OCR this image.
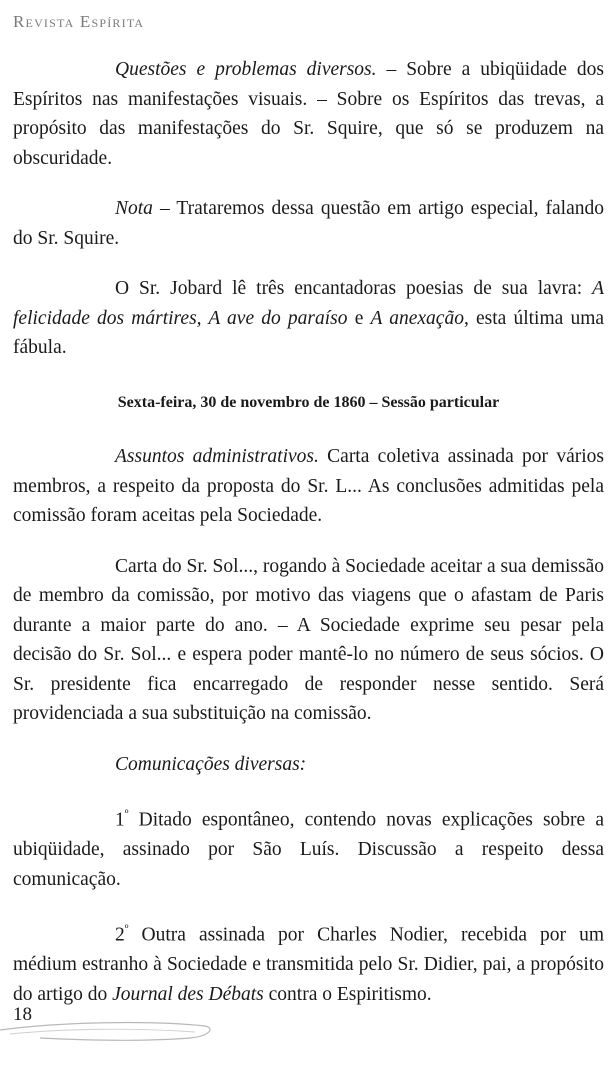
Revista Espírita

Questões e problemas diversos. – Sobre a ubiqüidade dos Espíritos nas manifestações visuais. – Sobre os Espíritos das trevas, a propósito das manifestações do Sr. Squire, que só se produzem na obscuridade.

Nota – Trataremos dessa questão em artigo especial, falando do Sr. Squire.

O Sr. Jobard lê três encantadoras poesias de sua lavra: A felicidade dos mártires, A ave do paraíso e A anexação, esta última uma fábula.

Sexta-feira, 30 de novembro de 1860 – Sessão particular

Assuntos administrativos. Carta coletiva assinada por vários membros, a respeito da proposta do Sr. L... As conclusões admitidas pela comissão foram aceitas pela Sociedade.

Carta do Sr. Sol..., rogando à Sociedade aceitar a sua demissão de membro da comissão, por motivo das viagens que o afastam de Paris durante a maior parte do ano. – A Sociedade exprime seu pesar pela decisão do Sr. Sol... e espera poder mantê-lo no número de seus sócios. O Sr. presidente fica encarregado de responder nesse sentido. Será providenciada a sua substituição na comissão.

Comunicações diversas:

$1^º$ Ditado espontâneo, contendo novas explicações sobre a ubiqüidade, assinado por São Luís. Discussão a respeito dessa comunicação.

$2^º$ Outra assinada por Charles Nodier, recebida por um médium estranho à Sociedade e transmitida pelo Sr. Didier, pai, a propósito do artigo do Journal des Débats contra o Espiritismo.

18
